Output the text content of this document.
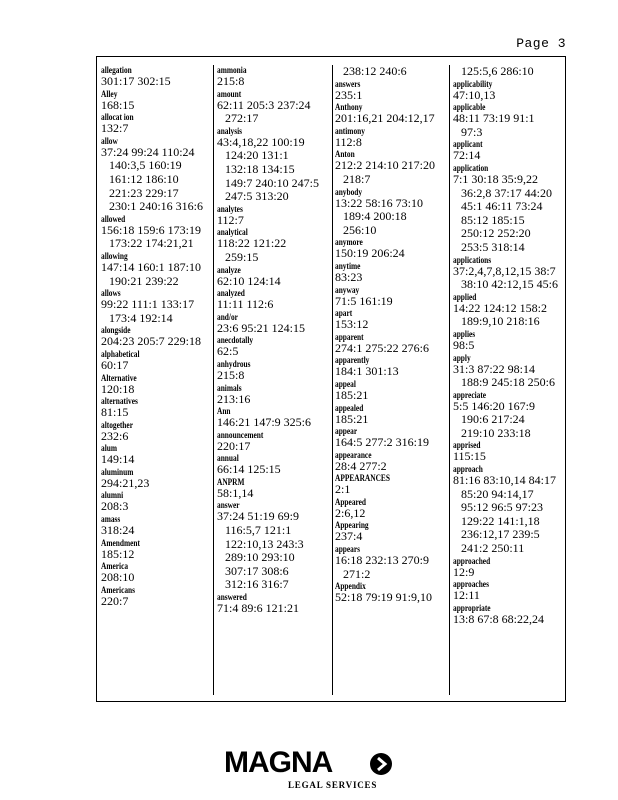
Page 3
allegation
301:17 302:15
Alley
168:15
allocat ion
132:7
allow
37:24 99:24 110:24
140:3,5 160:19
161:12 186:10
221:23 229:17
230:1 240:16 316:6
allowed
156:18 159:6 173:19
173:22 174:21,21
allowing
147:14 160:1 187:10
190:21 239:22
allows
99:22 111:1 133:17
173:4 192:14
alongside
204:23 205:7 229:18
alphabetical
60:17
Alternative
120:18
alternatives
81:15
altogether
232:6
alum
149:14
aluminum
294:21,23
alumni
208:3
amass
318:24
Amendment
185:12
America
208:10
Americans
220:7
ammonia
215:8
amount
62:11 205:3 237:24
272:17
analysis
43:4,18,22 100:19
124:20 131:1
132:18 134:15
149:7 240:10 247:5
247:5 313:20
analytes
112:7
analytical
118:22 121:22
259:15
analyze
62:10 124:14
analyzed
11:11 112:6
and/or
23:6 95:21 124:15
anecdotally
62:5
anhydrous
215:8
animals
213:16
Ann
146:21 147:9 325:6
announcement
220:17
annual
66:14 125:15
ANPRM
58:1,14
answer
37:24 51:19 69:9
116:5,7 121:1
122:10,13 243:3
289:10 293:10
307:17 308:6
312:16 316:7
answered
71:4 89:6 121:21
238:12 240:6
answers
235:1
Anthony
201:16,21 204:12,17
antimony
112:8
Anton
212:2 214:10 217:20
218:7
anybody
13:22 58:16 73:10
189:4 200:18
256:10
anymore
150:19 206:24
anytime
83:23
anyway
71:5 161:19
apart
153:12
apparent
274:1 275:22 276:6
apparently
184:1 301:13
appeal
185:21
appealed
185:21
appear
164:5 277:2 316:19
appearance
28:4 277:2
APPEARANCES
2:1
Appeared
2:6,12
Appearing
237:4
appears
16:18 232:13 270:9
271:2
Appendix
52:18 79:19 91:9,10
125:5,6 286:10
applicability
47:10,13
applicable
48:11 73:19 91:1
97:3
applicant
72:14
application
7:1 30:18 35:9,22
36:2,8 37:17 44:20
45:1 46:11 73:24
85:12 185:15
250:12 252:20
253:5 318:14
applications
37:2,4,7,8,12,15 38:7
38:10 42:12,15 45:6
applied
14:22 124:12 158:2
189:9,10 218:16
applies
98:5
apply
31:3 87:22 98:14
188:9 245:18 250:6
appreciate
5:5 146:20 167:9
190:6 217:24
219:10 233:18
apprised
115:15
approach
81:16 83:10,14 84:17
85:20 94:14,17
95:12 96:5 97:23
129:22 141:1,18
236:12,17 239:5
241:2 250:11
approached
12:9
approaches
12:11
appropriate
13:8 67:8 68:22,24
MAGNA
LEGAL SERVICES
